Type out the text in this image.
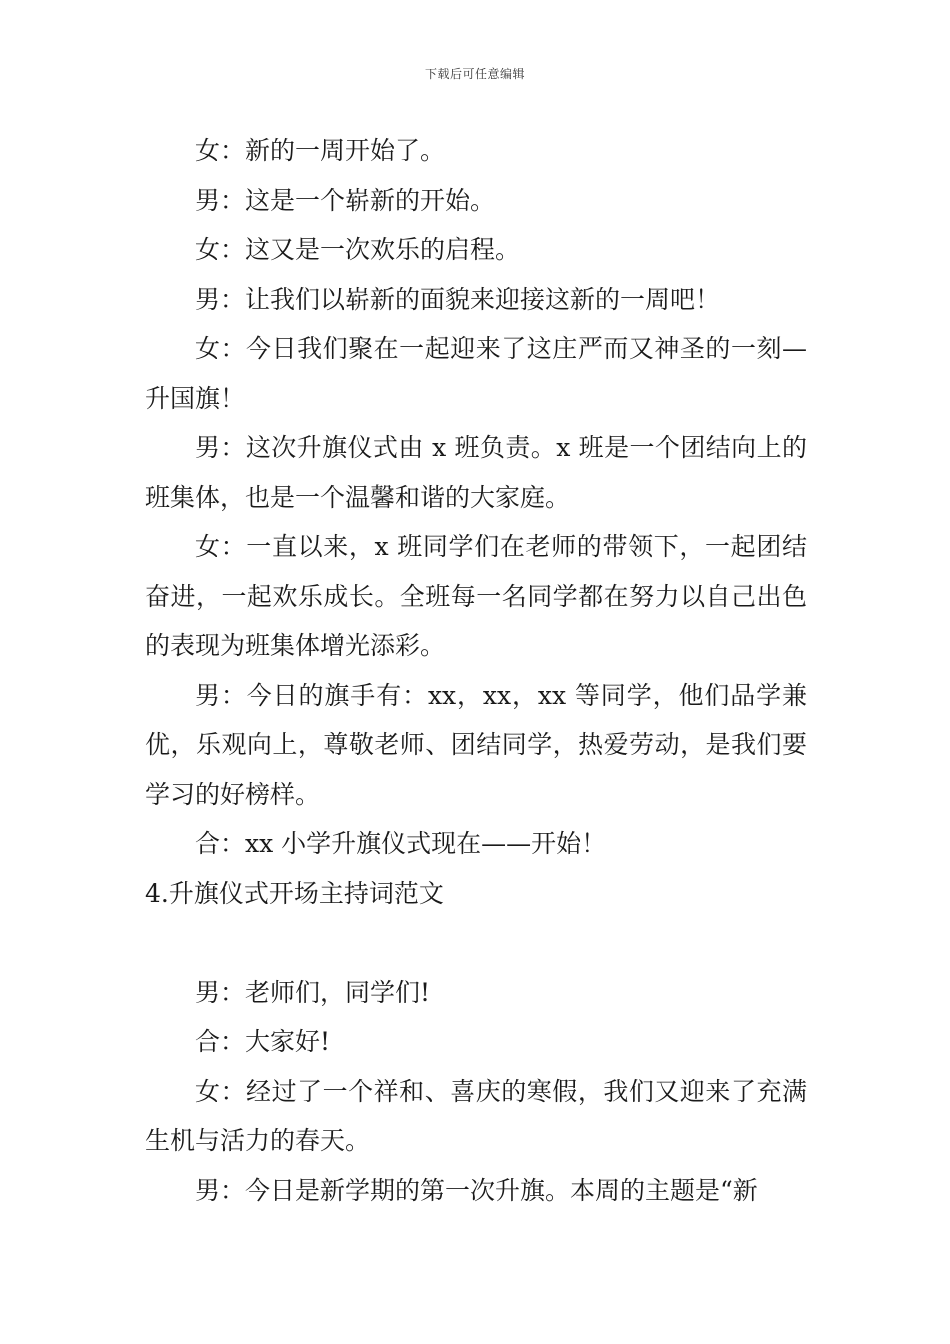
下载后可任意编辑

女：新的一周开始了。

男：这是一个崭新的开始。

女：这又是一次欢乐的启程。

男：让我们以崭新的面貌来迎接这新的一周吧！

女：今日我们聚在一起迎来了这庄严而又神圣的一刻—升国旗！

男：这次升旗仪式由 x 班负责。x 班是一个团结向上的班集体，也是一个温馨和谐的大家庭。

女：一直以来，x 班同学们在老师的带领下，一起团结奋进，一起欢乐成长。全班每一名同学都在努力以自己出色的表现为班集体增光添彩。

男：今日的旗手有：xx，xx，xx 等同学，他们品学兼优，乐观向上，尊敬老师、团结同学，热爱劳动，是我们要学习的好榜样。

合：xx 小学升旗仪式现在——开始！

4.升旗仪式开场主持词范文

男：老师们，同学们!

合：大家好!

女：经过了一个祥和、喜庆的寒假，我们又迎来了充满生机与活力的春天。

男：今日是新学期的第一次升旗。本周的主题是“新
